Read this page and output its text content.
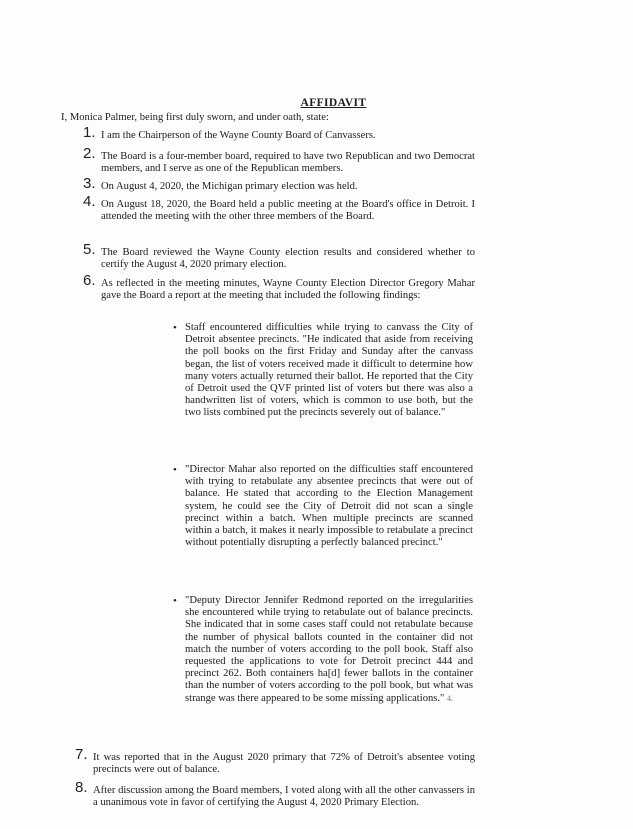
AFFIDAVIT
I, Monica Palmer, being first duly sworn, and under oath, state:
1. I am the Chairperson of the Wayne County Board of Canvassers.
2. The Board is a four-member board, required to have two Republican and two Democrat members, and I serve as one of the Republican members.
3. On August 4, 2020, the Michigan primary election was held.
4. On August 18, 2020, the Board held a public meeting at the Board's office in Detroit. I attended the meeting with the other three members of the Board.
5. The Board reviewed the Wayne County election results and considered whether to certify the August 4, 2020 primary election.
6. As reflected in the meeting minutes, Wayne County Election Director Gregory Mahar gave the Board a report at the meeting that included the following findings:
• Staff encountered difficulties while trying to canvass the City of Detroit absentee precincts. "He indicated that aside from receiving the poll books on the first Friday and Sunday after the canvass began, the list of voters received made it difficult to determine how many voters actually returned their ballot. He reported that the City of Detroit used the QVF printed list of voters but there was also a handwritten list of voters, which is common to use both, but the two lists combined put the precincts severely out of balance."
• "Director Mahar also reported on the difficulties staff encountered with trying to retabulate any absentee precincts that were out of balance. He stated that according to the Election Management system, he could see the City of Detroit did not scan a single precinct within a batch. When multiple precincts are scanned within a batch, it makes it nearly impossible to retabulate a precinct without potentially disrupting a perfectly balanced precinct."
• "Deputy Director Jennifer Redmond reported on the irregularities she encountered while trying to retabulate out of balance precincts. She indicated that in some cases staff could not retabulate because the number of physical ballots counted in the container did not match the number of voters according to the poll book. Staff also requested the applications to vote for Detroit precinct 444 and precinct 262. Both containers ha[d] fewer ballots in the container than the number of voters according to the poll book, but what was strange was there appeared to be some missing applications." 4.
7. It was reported that in the August 2020 primary that 72% of Detroit's absentee voting precincts were out of balance.
8. After discussion among the Board members, I voted along with all the other canvassers in a unanimous vote in favor of certifying the August 4, 2020 Primary Election.
